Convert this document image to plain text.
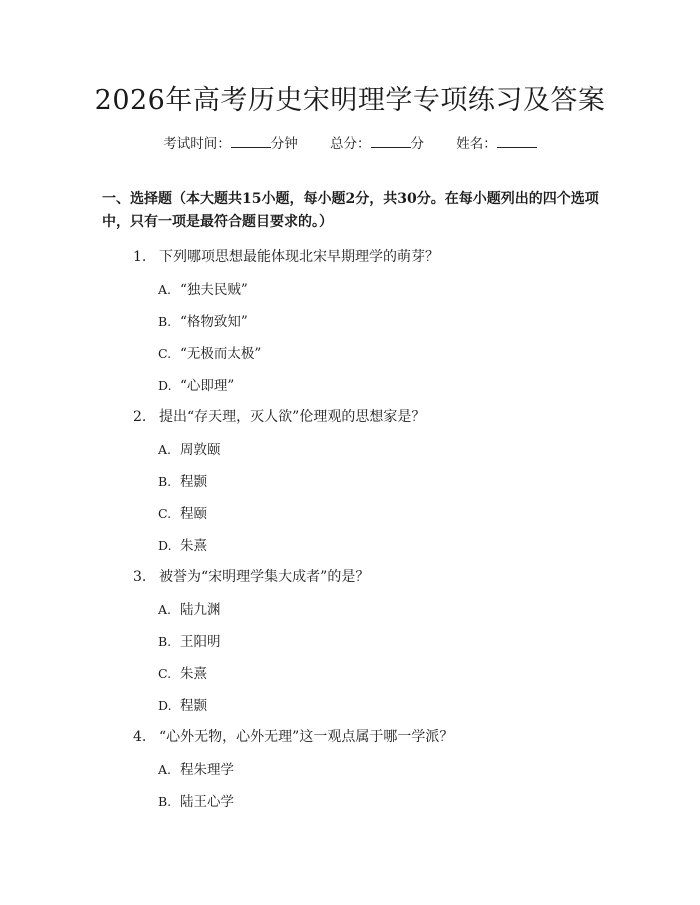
2026年高考历史宋明理学专项练习及答案
考试时间：	分钟 总分：	分 姓名：
一、选择题（本大题共15小题，每小题2分，共30分。在每小题列出的四个选项中，只有一项是最符合题目要求的。）
1. 下列哪项思想最能体现北宋早期理学的萌芽？
A. “独夫民贼”
B. “格物致知”
C. “无极而太极”
D. “心即理”
2. 提出“存天理，灭人欲”伦理观的思想家是？
A. 周敦颐
B. 程颢
C. 程颐
D. 朱熹
3. 被誉为“宋明理学集大成者”的是？
A. 陆九渊
B. 王阳明
C. 朱熹
D. 程颢
4. “心外无物，心外无理”这一观点属于哪一学派？
A. 程朱理学
B. 陆王心学
